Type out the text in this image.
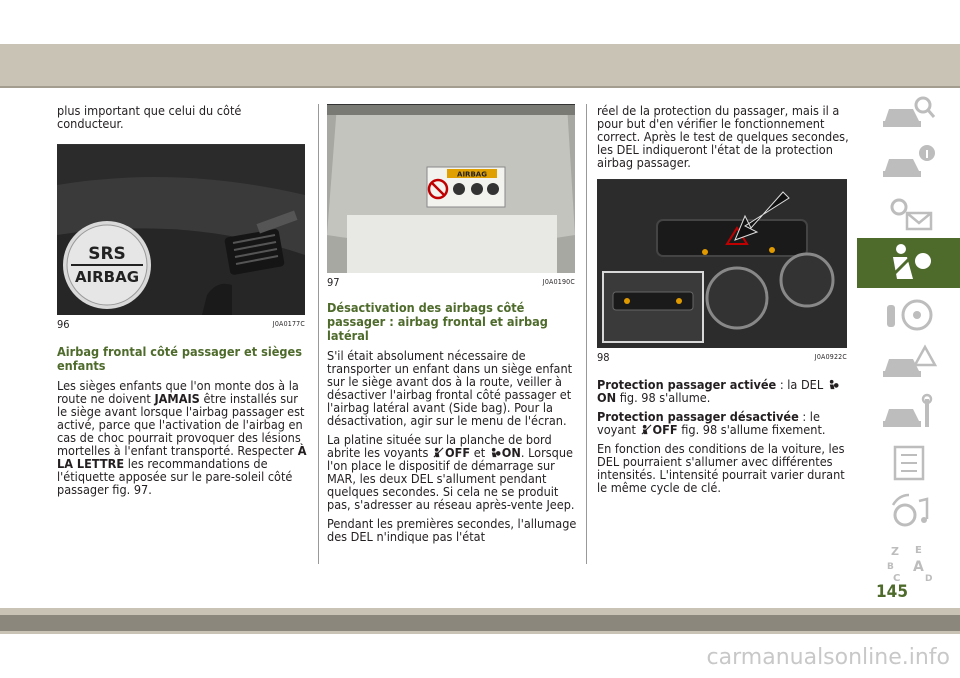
plus important que celui du côté conducteur.

SRS
AIRBAG
96	J0A0177C

Airbag frontal côté passager et sièges enfants

Les sièges enfants que l'on monte dos à la route ne doivent JAMAIS être installés sur le siège avant lorsque l'airbag passager est activé, parce que l'activation de l'airbag en cas de choc pourrait provoquer des lésions mortelles à l'enfant transporté. Respecter À LA LETTRE les recommandations de l'étiquette apposée sur le pare-soleil côté passager fig. 97.

AIRBAG
97	J0A0190C

Désactivation des airbags côté passager : airbag frontal et airbag latéral

S'il était absolument nécessaire de transporter un enfant dans un siège enfant sur le siège avant dos à la route, veiller à désactiver l'airbag frontal côté passager et l'airbag latéral avant (Side bag). Pour la désactivation, agir sur le menu de l'écran.

La platine située sur la planche de bord abrite les voyants OFF et ON. Lorsque l'on place le dispositif de démarrage sur MAR, les deux DEL s'allument pendant quelques secondes. Si cela ne se produit pas, s'adresser au réseau après-vente Jeep.

Pendant les premières secondes, l'allumage des DEL n'indique pas l'état

réel de la protection du passager, mais il a pour but d'en vérifier le fonctionnement correct. Après le test de quelques secondes, les DEL indiqueront l'état de la protection airbag passager.

98	J0A0922C

Protection passager activée : la DEL ON fig. 98 s'allume.

Protection passager désactivée : le voyant OFF fig. 98 s'allume fixement.

En fonction des conditions de la voiture, les DEL pourraient s'allumer avec différentes intensités. L'intensité pourrait varier durant le même cycle de clé.

Z E
B A
C	D
145
carmanualsonline.info
